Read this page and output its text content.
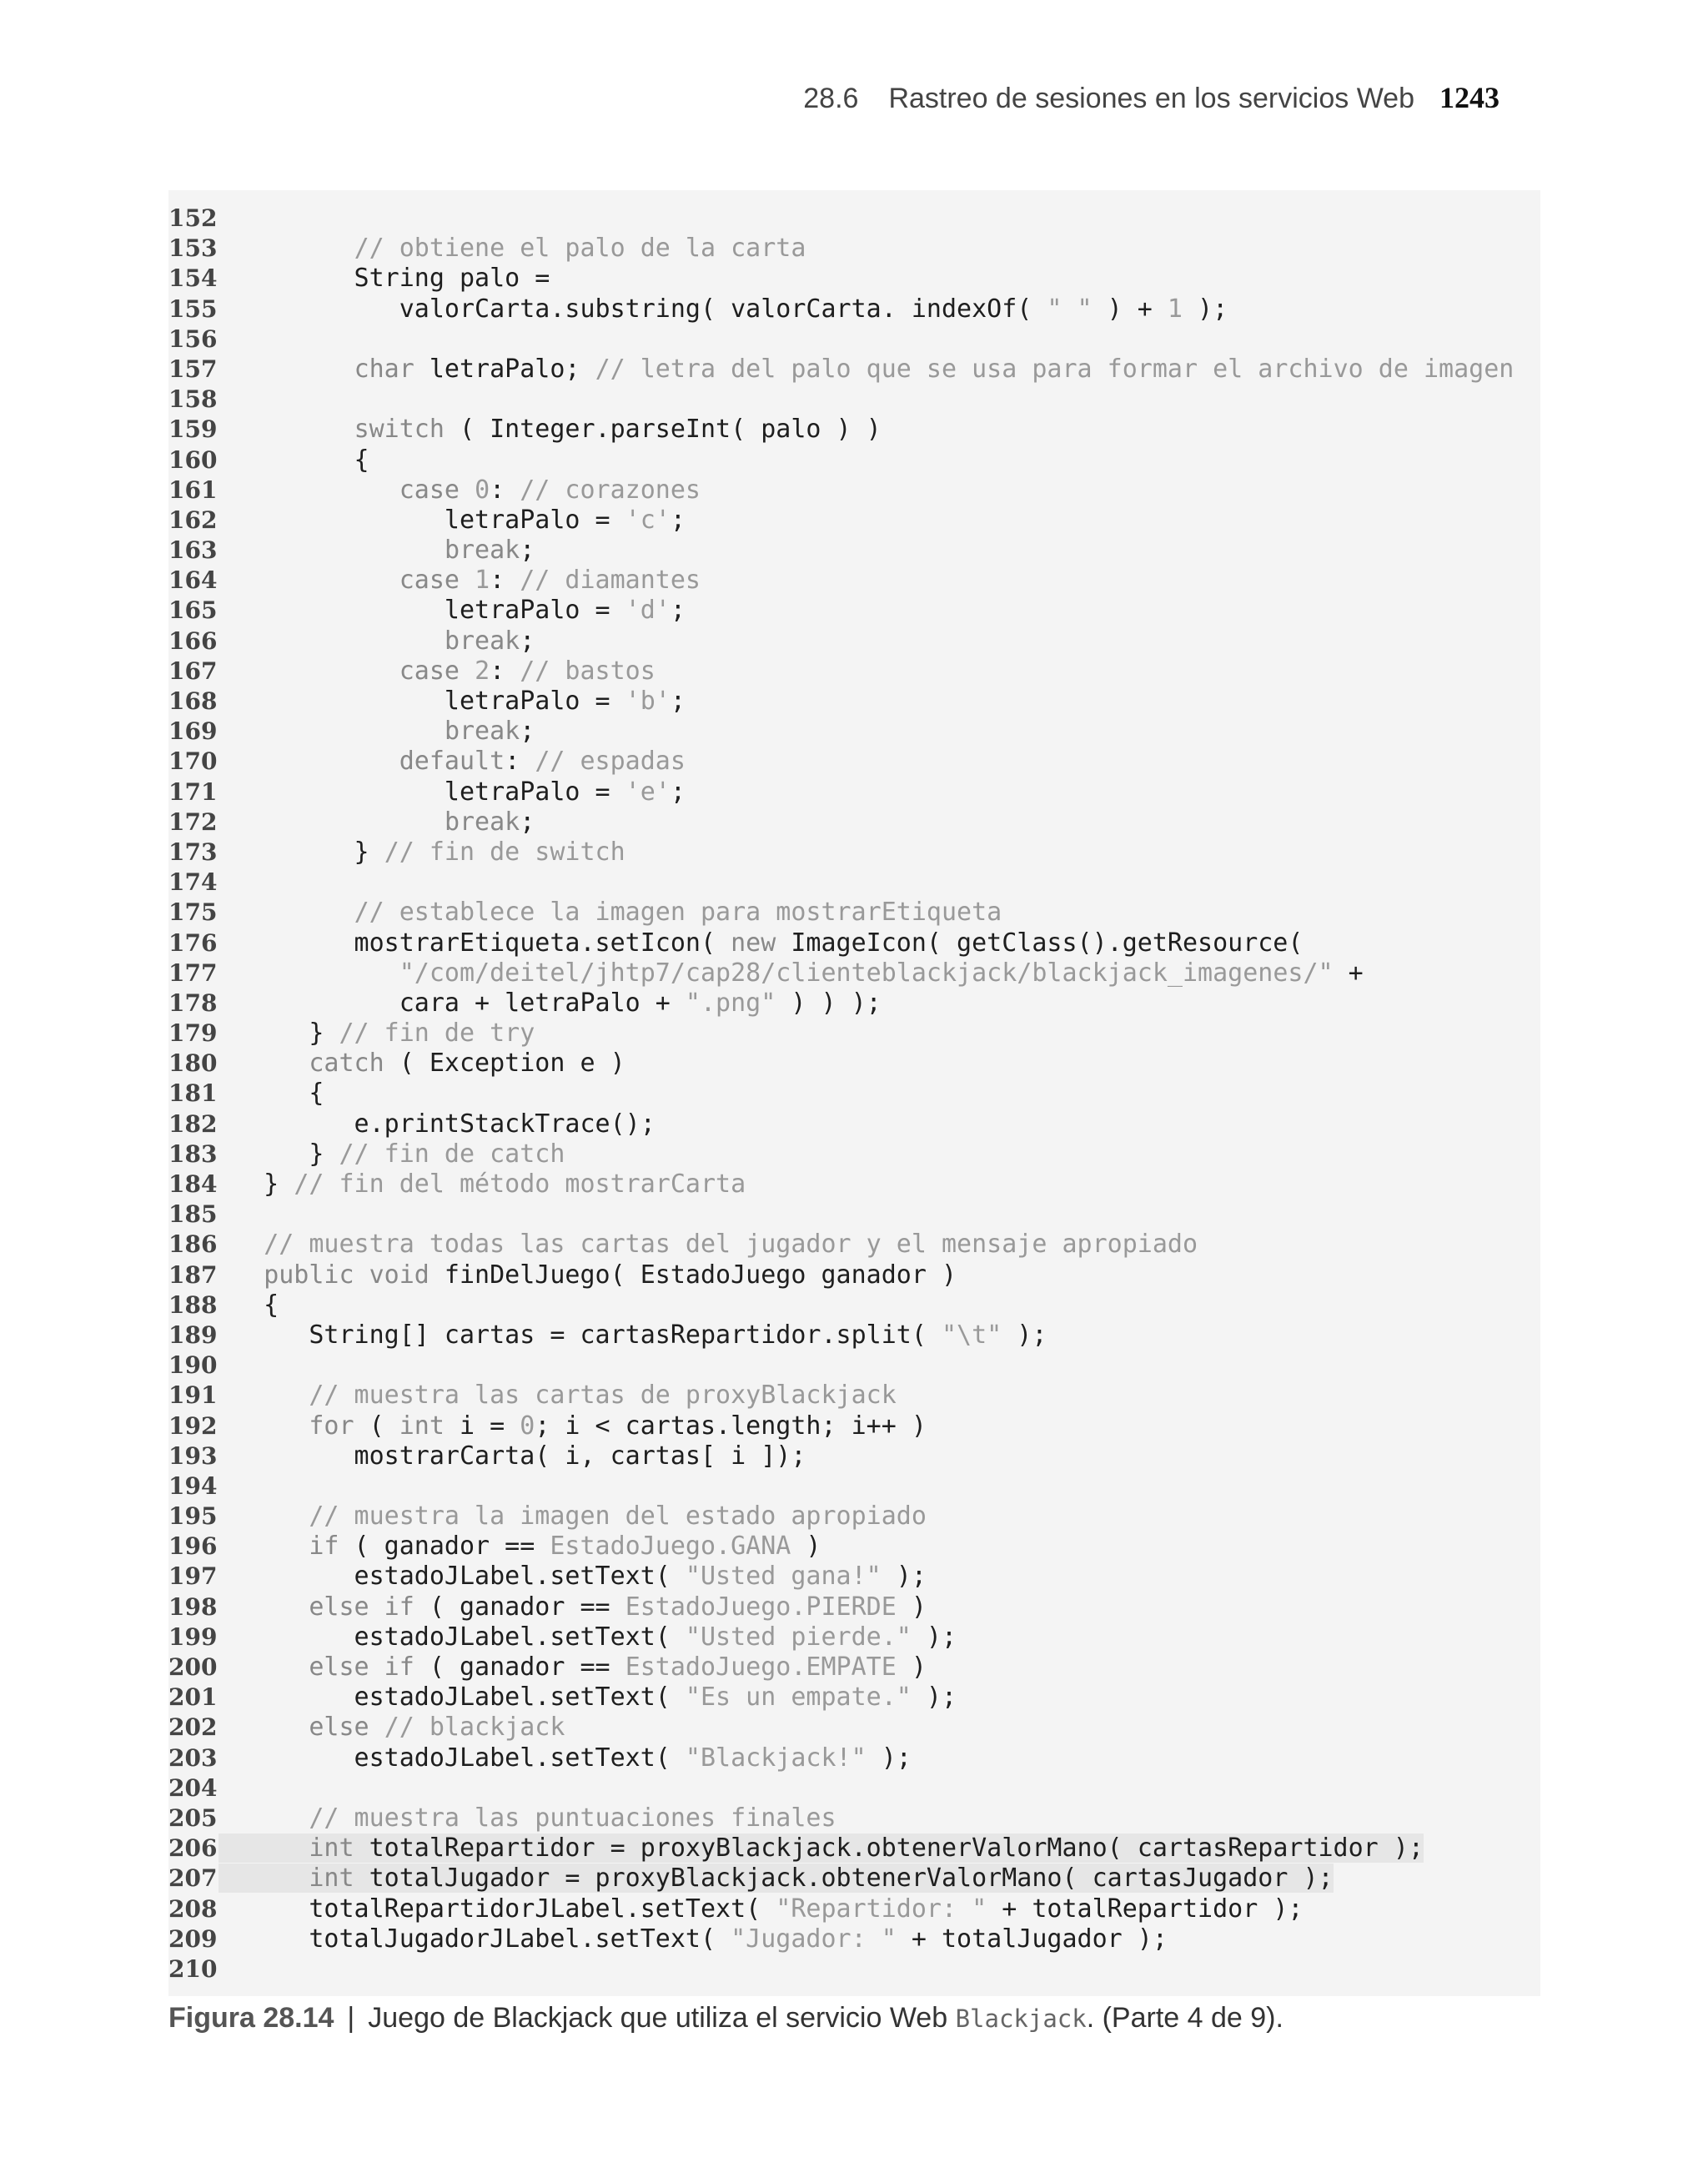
28.6 Rastreo de sesiones en los servicios Web 1243
152
153	// obtiene el palo de la carta
154         String palo =
155            valorCarta.substring( valorCarta. indexOf( " " ) + 1 );
156
157	char letraPalo; // letra del palo que se usa para formar el archivo de imagen
158
159	switch ( Integer.parseInt( palo ) )
160         {
161	case 0: // corazones
162               letraPalo = 'c';
163	break;
164	case 1: // diamantes
165               letraPalo = 'd';
166	break;
167	case 2: // bastos
168               letraPalo = 'b';
169	break;
170	default: // espadas
171               letraPalo = 'e';
172	break;
173         } // fin de switch
174
175	// establece la imagen para mostrarEtiqueta
176         mostrarEtiqueta.setIcon( new ImageIcon( getClass().getResource(
177	"/com/deitel/jhtp7/cap28/clienteblackjack/blackjack_imagenes/" +
178            cara + letraPalo + ".png" ) ) );
179      } // fin de try
180	catch ( Exception e )
181      {
182         e.printStackTrace();
183      } // fin de catch
184   } // fin del método mostrarCarta
185
186 // muestra todas las cartas del jugador y el mensaje apropiado
187 public void finDelJuego( EstadoJuego ganador )
188   {
189      String[] cartas = cartasRepartidor.split( "\t" );
190
191	// muestra las cartas de proxyBlackjack
192	for ( int i = 0; i < cartas.length; i++ )
193         mostrarCarta( i, cartas[ i ]);
194
195	// muestra la imagen del estado apropiado
196	if ( ganador == EstadoJuego.GANA )
197         estadoJLabel.setText( "Usted gana!" );
198	else if ( ganador == EstadoJuego.PIERDE )
199         estadoJLabel.setText( "Usted pierde." );
200	else if ( ganador == EstadoJuego.EMPATE )
201         estadoJLabel.setText( "Es un empate." );
202	else // blackjack
203         estadoJLabel.setText( "Blackjack!" );
204
205	// muestra las puntuaciones finales
206	int totalRepartidor = proxyBlackjack.obtenerValorMano( cartasRepartidor );
207	int totalJugador = proxyBlackjack.obtenerValorMano( cartasJugador );
208      totalRepartidorJLabel.setText( "Repartidor: " + totalRepartidor );
209      totalJugadorJLabel.setText( "Jugador: " + totalJugador );
210
Figura 28.14 | Juego de Blackjack que utiliza el servicio Web Blackjack. (Parte 4 de 9).
